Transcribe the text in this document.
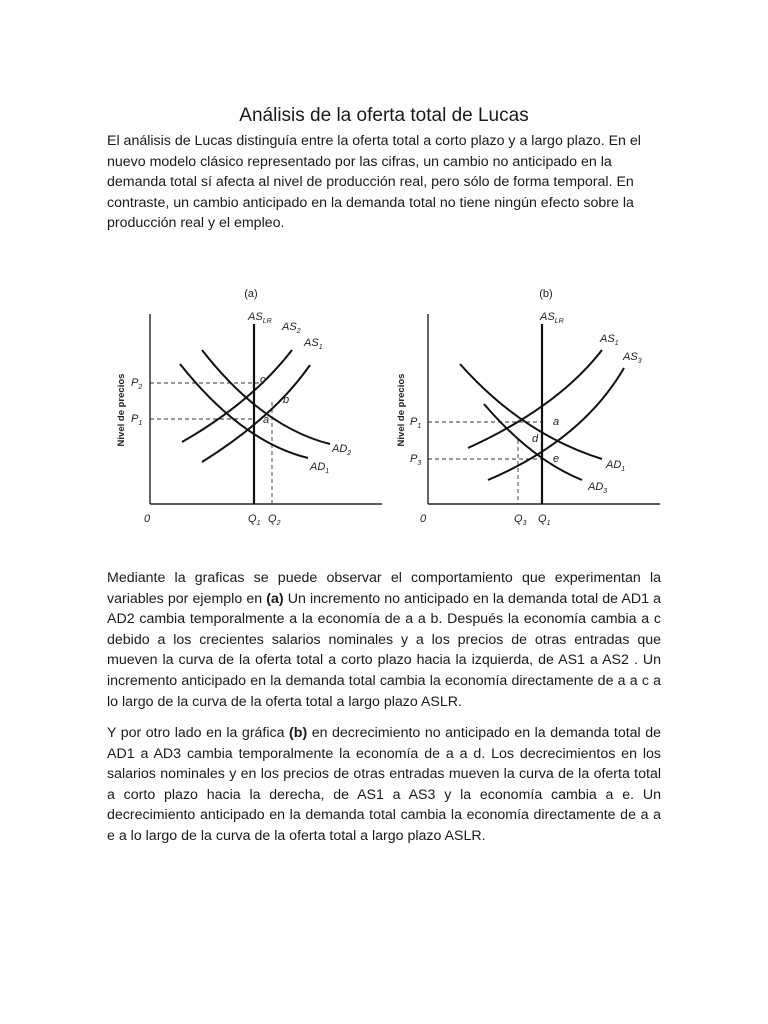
Análisis de la oferta total de Lucas

El análisis de Lucas distinguía entre la oferta total a corto plazo y a largo plazo. En el nuevo modelo clásico representado por las cifras, un cambio no anticipado en la demanda total sí afecta al nivel de producción real, pero sólo de forma temporal. En contraste, un cambio anticipado en la demanda total no tiene ningún efecto sobre la producción real y el empleo.

(a)
Nivel de precios
0
$AS_{LR}$ $AS_2$
$AS_1$
$AD_2$
$AD_1$
c
b
a
$P_2$
$P_1$
$Q_1$ $Q_2$
(b)
Nivel de precios
0
$AS_{LR}$
$AS_1$
$AS_3$
$AD_1$
$AD_3$
a
d
e
$P_1$
$P_3$
$Q_3$ $Q_1$

Mediante la graficas se puede observar el comportamiento que experimentan la variables por ejemplo en (a) Un incremento no anticipado en la demanda total de AD1 a AD2 cambia temporalmente a la economía de a a b. Después la economía cambia a c debido a los crecientes salarios nominales y a los precios de otras entradas que mueven la curva de la oferta total a corto plazo hacia la izquierda, de AS1 a AS2 . Un incremento anticipado en la demanda total cambia la economía directamente de a a c a lo largo de la curva de la oferta total a largo plazo ASLR.

Y por otro lado en la gráfica (b) en decrecimiento no anticipado en la demanda total de AD1 a AD3 cambia temporalmente la economía de a a d. Los decrecimientos en los salarios nominales y en los precios de otras entradas mueven la curva de la oferta total a corto plazo hacia la derecha, de AS1 a AS3 y la economía cambia a e. Un decrecimiento anticipado en la demanda total cambia la economía directamente de a a e a lo largo de la curva de la oferta total a largo plazo ASLR.
